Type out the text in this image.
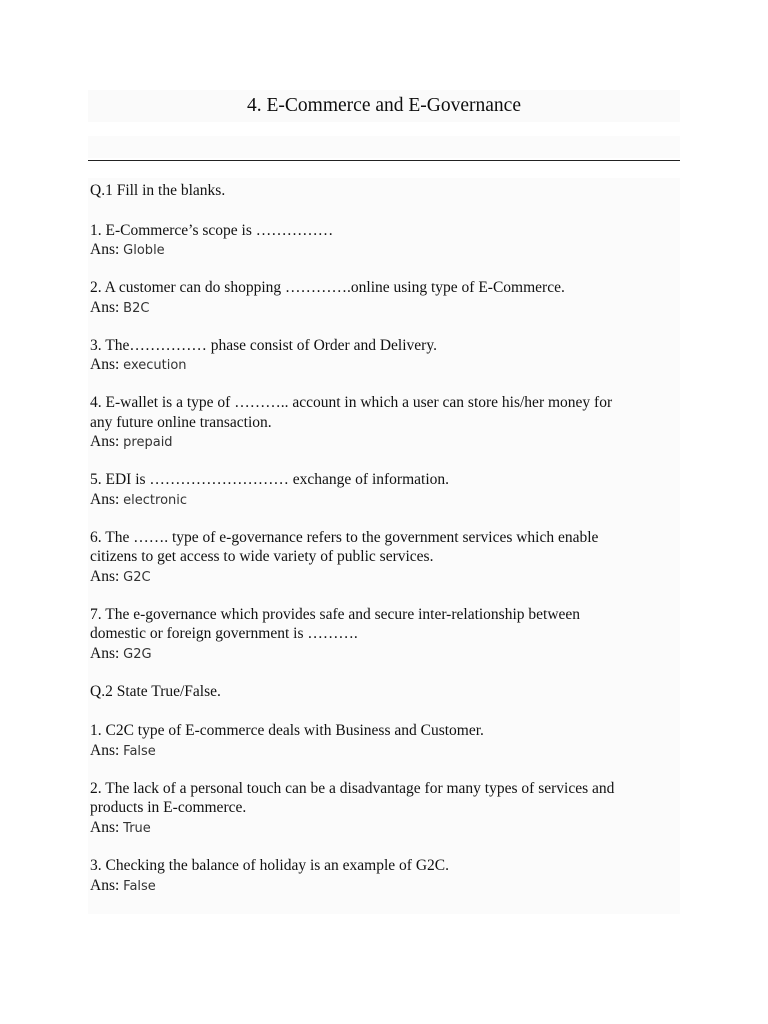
4. E-Commerce and E-Governance
Q.1 Fill in the blanks.
1. E-Commerce’s scope is ……………
Ans: Globle
2. A customer can do shopping ………….online using type of E-Commerce.
Ans: B2C
3. The…………… phase consist of Order and Delivery.
Ans: execution
4. E-wallet is a type of ……….. account in which a user can store his/her money for
any future online transaction.
Ans: prepaid
5. EDI is ……………………… exchange of information.
Ans: electronic
6. The ……. type of e-governance refers to the government services which enable
citizens to get access to wide variety of public services.
Ans: G2C
7. The e-governance which provides safe and secure inter-relationship between
domestic or foreign government is ……….
Ans: G2G
Q.2 State True/False.
1. C2C type of E-commerce deals with Business and Customer.
Ans: False
2. The lack of a personal touch can be a disadvantage for many types of services and
products in E-commerce.
Ans: True
3. Checking the balance of holiday is an example of G2C.
Ans: False
